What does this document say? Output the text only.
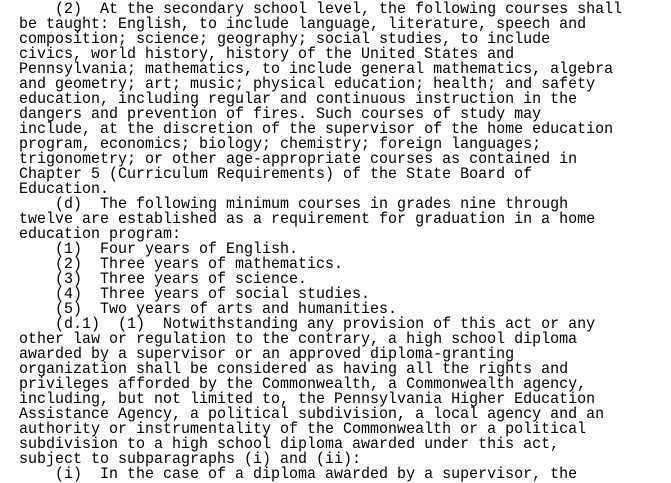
(2)  At the secondary school level, the following courses shall
be taught: English, to include language, literature, speech and
composition; science; geography; social studies, to include
civics, world history, history of the United States and
Pennsylvania; mathematics, to include general mathematics, algebra
and geometry; art; music; physical education; health; and safety
education, including regular and continuous instruction in the
dangers and prevention of fires. Such courses of study may
include, at the discretion of the supervisor of the home education
program, economics; biology; chemistry; foreign languages;
trigonometry; or other age-appropriate courses as contained in
Chapter 5 (Curriculum Requirements) of the State Board of
Education.
(d)  The following minimum courses in grades nine through
twelve are established as a requirement for graduation in a home
education program:
(1)  Four years of English.
(2)  Three years of mathematics.
(3)  Three years of science.
(4)  Three years of social studies.
(5)  Two years of arts and humanities.
(d.1)  (1)  Notwithstanding any provision of this act or any
other law or regulation to the contrary, a high school diploma
awarded by a supervisor or an approved diploma-granting
organization shall be considered as having all the rights and
privileges afforded by the Commonwealth, a Commonwealth agency,
including, but not limited to, the Pennsylvania Higher Education
Assistance Agency, a political subdivision, a local agency and an
authority or instrumentality of the Commonwealth or a political
subdivision to a high school diploma awarded under this act,
subject to subparagraphs (i) and (ii):
(i)  In the case of a diploma awarded by a supervisor, the
